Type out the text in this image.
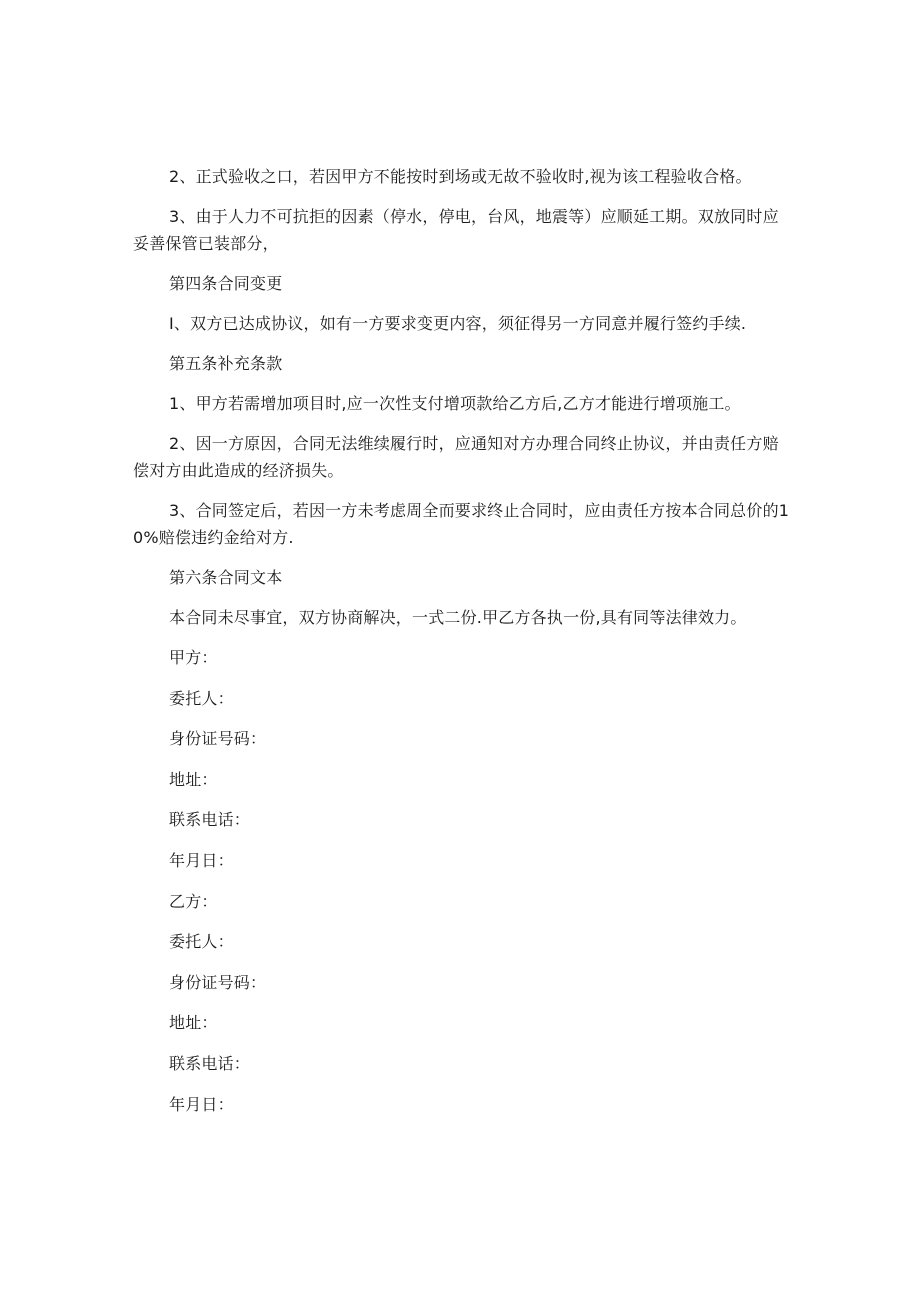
2、正式验收之口，若因甲方不能按时到场或无故不验收时,视为该工程验收合格。

3、由于人力不可抗拒的因素（停水，停电，台风，地震等）应顺延工期。双放同时应妥善保管已装部分，

第四条合同变更

I、双方已达成协议，如有一方要求变更内容，须征得另一方同意并履行签约手续.

第五条补充条款

1、甲方若需增加项目时,应一次性支付增项款给乙方后,乙方才能进行增项施工。

2、因一方原因，合同无法维续履行时，应通知对方办理合同终止协议，并由责任方赔偿对方由此造成的经济损失。

3、合同签定后，若因一方未考虑周全而要求终止合同时，应由责任方按本合同总价的10%赔偿违约金给对方.

第六条合同文本

本合同未尽事宜，双方协商解决，一式二份.甲乙方各执一份,具有同等法律效力。

甲方：

委托人：

身份证号码：

地址：

联系电话：

年月日：

乙方：

委托人：

身份证号码：

地址：

联系电话：

年月日：
